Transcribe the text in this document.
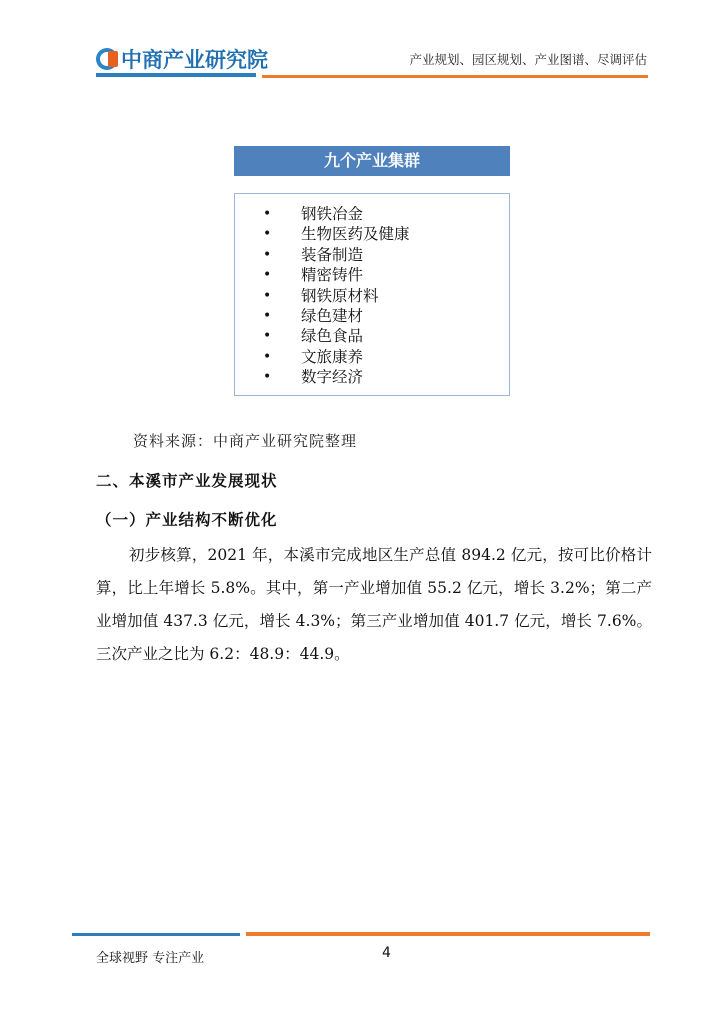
中商产业研究院	产业规划、园区规划、产业图谱、尽调评估
九个产业集群
• 钢铁冶金
• 生物医药及健康
• 装备制造
• 精密铸件
• 钢铁原材料
• 绿色建材
• 绿色食品
• 文旅康养
• 数字经济
资料来源：中商产业研究院整理
二、本溪市产业发展现状
（一）产业结构不断优化
初步核算，2021 年，本溪市完成地区生产总值 894.2 亿元，按可比价格计算，比上年增长 5.8%。其中，第一产业增加值 55.2 亿元，增长 3.2%；第二产业增加值 437.3 亿元，增长 4.3%；第三产业增加值 401.7 亿元，增长 7.6%。三次产业之比为 6.2：48.9：44.9。
全球视野 专注产业	4
